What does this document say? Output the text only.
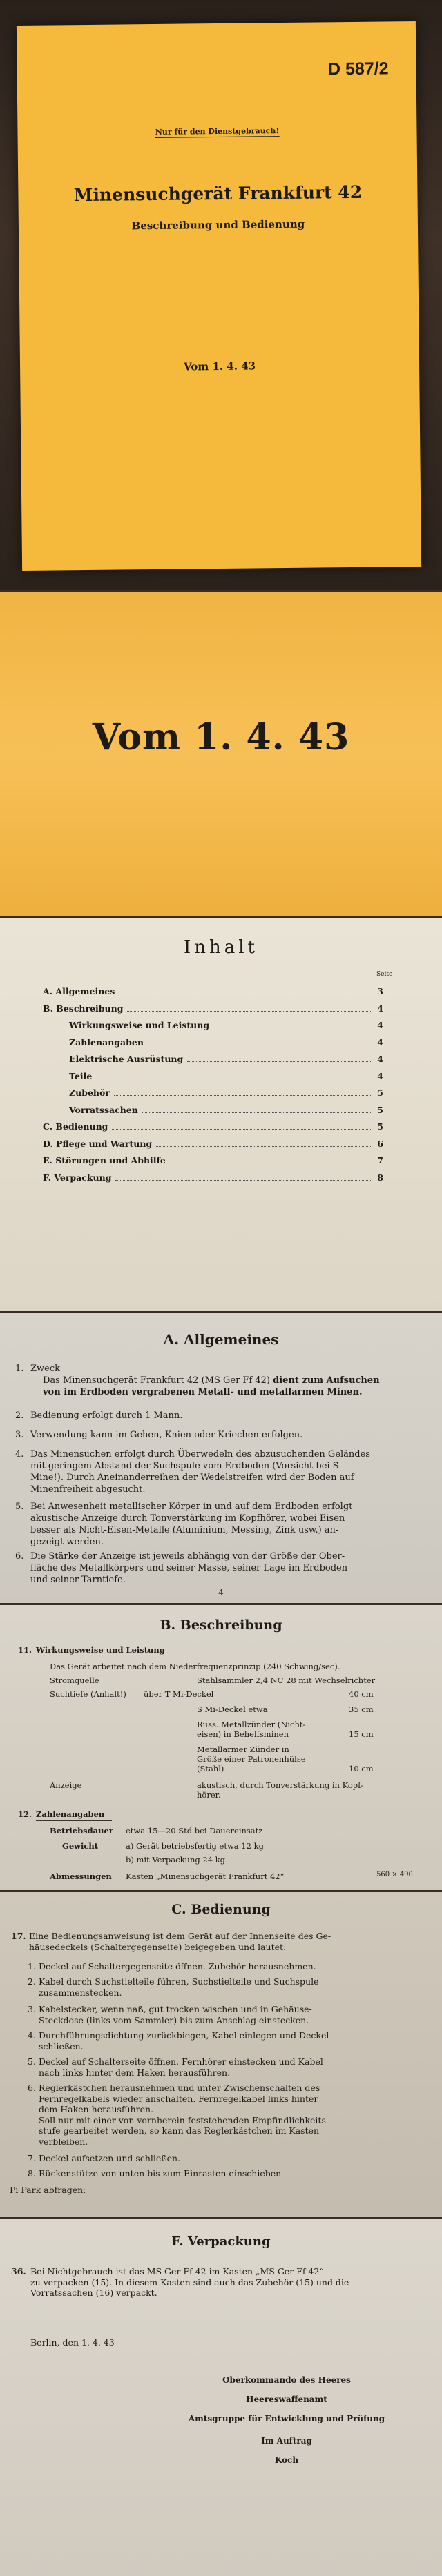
D 587/2
Nur für den Dienstgebrauch!
Minensuchgerät Frankfurt 42
Beschreibung und Bedienung
Vom 1. 4. 43
Vom 1. 4. 43
Inhalt
Seite
A. Allgemeines	3
B. Beschreibung	4
Wirkungsweise und Leistung	4
Zahlenangaben	4
Elektrische Ausrüstung	4
Teile	4
Zubehör	5
Vorratssachen	5
C. Bedienung	5
D. Pflege und Wartung	6
E. Störungen und Abhilfe	7
F. Verpackung	8
A. Allgemeines
1. Zweck
Das Minensuchgerät Frankfurt 42 (MS Ger Ff 42) dient zum Aufsuchen
von im Erdboden vergrabenen Metall- und metallarmen Minen.
2. Bedienung erfolgt durch 1 Mann.
3. Verwendung kann im Gehen, Knien oder Kriechen erfolgen.
4. Das Minensuchen erfolgt durch Überwedeln des abzusuchenden Geländes
mit geringem Abstand der Suchspule vom Erdboden (Vorsicht bei S-
Mine!). Durch Aneinanderreihen der Wedelstreifen wird der Boden auf
Minenfreiheit abgesucht.
5. Bei Anwesenheit metallischer Körper in und auf dem Erdboden erfolgt
akustische Anzeige durch Tonverstärkung im Kopfhörer, wobei Eisen
besser als Nicht-Eisen-Metalle (Aluminium, Messing, Zink usw.) an-
gezeigt werden.
6. Die Stärke der Anzeige ist jeweils abhängig von der Größe der Ober-
fläche des Metallkörpers und seiner Masse, seiner Lage im Erdboden
und seiner Tarntiefe.
— 4 —
B. Beschreibung
11. Wirkungsweise und Leistung
Das Gerät arbeitet nach dem Niederfrequenzprinzip (240 Schwing/sec).
Stromquelle	Stahlsammler 2,4 NC 28 mit Wechselrichter
Suchtiefe (Anhalt!) über T Mi-Deckel	40 cm
S Mi-Deckel etwa	35 cm
Russ. Metallzünder (Nicht-
eisen) in Behelfsminen	15 cm
Metallarmer Zünder in
Größe einer Patronenhülse
(Stahl)	10 cm
Anzeige	akustisch, durch Tonverstärkung in Kopf-
hörer.
12. Zahlenangaben
Betriebsdauer etwa 15—20 Std bei Dauereinsatz
Gewicht	a) Gerät betriebsfertig etwa 12 kg
b) mit Verpackung 24 kg
Abmessungen Kasten „Minensuchgerät Frankfurt 42“	560 × 490
C. Bedienung
17. Eine Bedienungsanweisung ist dem Gerät auf der Innenseite des Ge-
häusedeckels (Schaltergegenseite) beigegeben und lautet:
1. Deckel auf Schaltergegenseite öffnen. Zubehör herausnehmen.
2. Kabel durch Suchstielteile führen, Suchstielteile und Suchspule
zusammenstecken.
3. Kabelstecker, wenn naß, gut trocken wischen und in Gehäuse-
Steckdose (links vom Sammler) bis zum Anschlag einstecken.
4. Durchführungsdichtung zurückbiegen, Kabel einlegen und Deckel
schließen.
5. Deckel auf Schalterseite öffnen. Fernhörer einstecken und Kabel
nach links hinter dem Haken herausführen.
6. Reglerkästchen herausnehmen und unter Zwischenschalten des
Fernregelkabels wieder anschalten. Fernregelkabel links hinter
dem Haken herausführen.
Soll nur mit einer von vornherein feststehenden Empfindlichkeits-
stufe gearbeitet werden, so kann das Reglerkästchen im Kasten
verbleiben.
7. Deckel aufsetzen und schließen.
8. Rückenstütze von unten bis zum Einrasten einschieben
Pi Park abfragen:
F. Verpackung
36. Bei Nichtgebrauch ist das MS Ger Ff 42 im Kasten „MS Ger Ff 42“
zu verpacken (15). In diesem Kasten sind auch das Zubehör (15) und die
Vorratssachen (16) verpackt.
Berlin, den 1. 4. 43
Oberkommando des Heeres
Heereswaffenamt
Amtsgruppe für Entwicklung und Prüfung
Im Auftrag
Koch
